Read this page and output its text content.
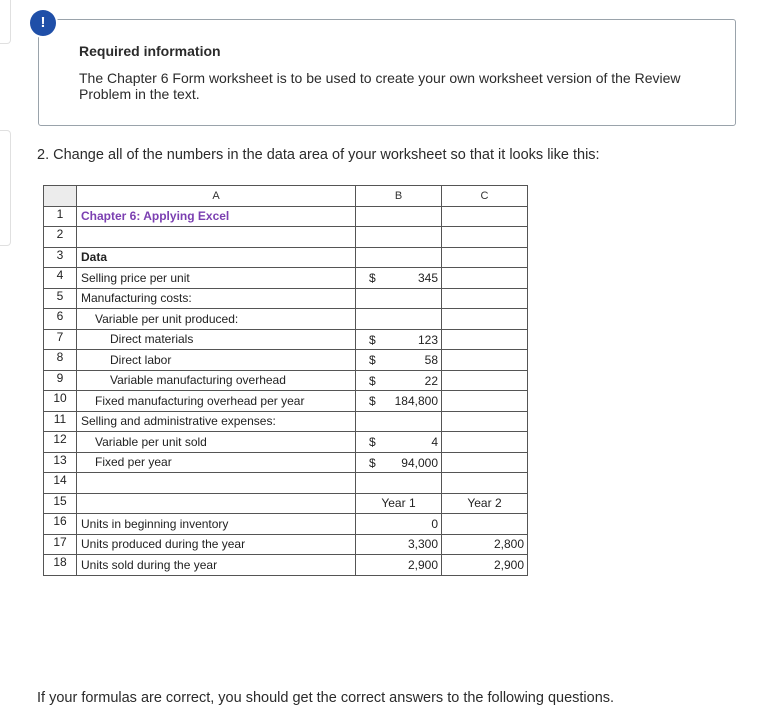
!
Required information
The Chapter 6 Form worksheet is to be used to create your own worksheet version of the Review Problem in the text.
2. Change all of the numbers in the data area of your worksheet so that it looks like this:
	A	B	C
1	Chapter 6: Applying Excel		
2			
3	Data		
4	Selling price per unit	$ 345	

5	Manufacturing costs:		
6	Variable per unit produced:		
7	Direct materials	$ 123	

8	Direct labor	$ 58	

9	Variable manufacturing overhead	$ 22	

10	Fixed manufacturing overhead per year	$ 184,800	

11	Selling and administrative expenses:		
12	Variable per unit sold	$ 4	

13	Fixed per year	$ 94,000	

14			
15		Year 1	Year 2
16	Units in beginning inventory	0	
17	Units produced during the year	3,300	2,800
18	Units sold during the year	2,900	2,900
If your formulas are correct, you should get the correct answers to the following questions.
